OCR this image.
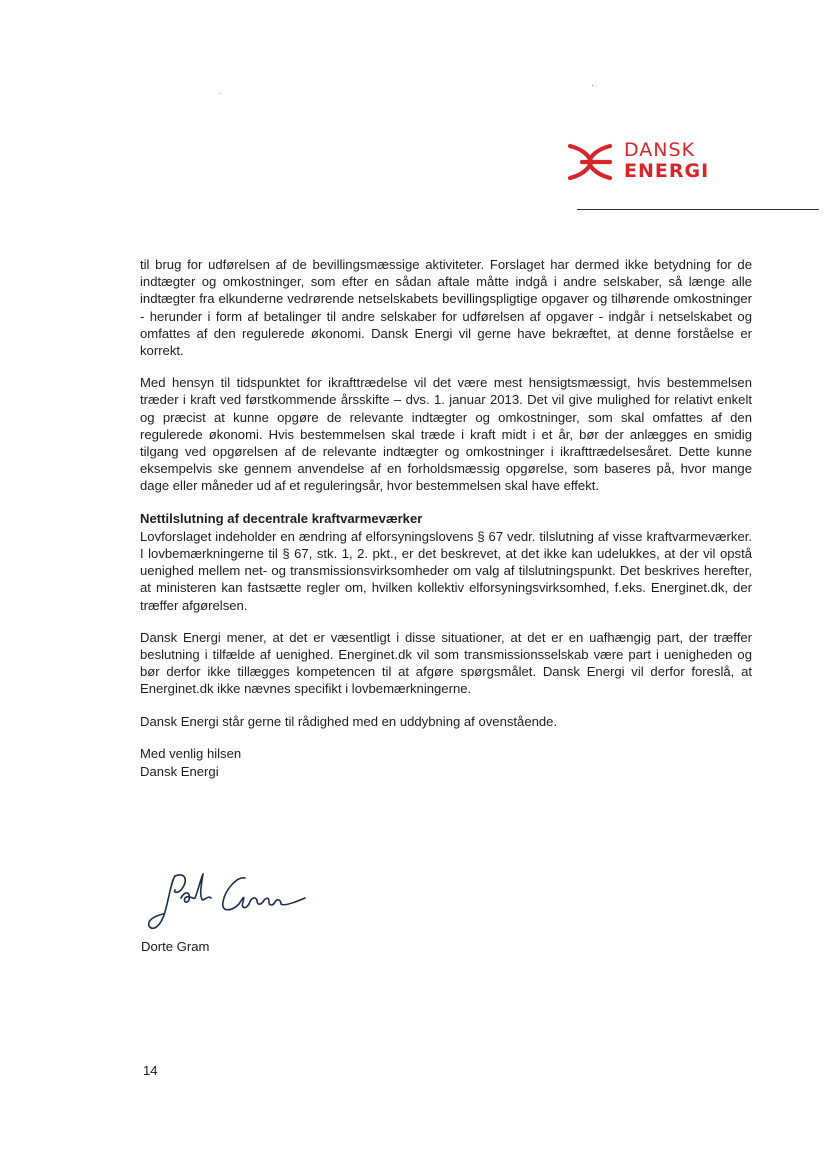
DANSK
ENERGI

til brug for udførelsen af de bevillingsmæssige aktiviteter. Forslaget har dermed ikke betydning for de indtægter og omkostninger, som efter en sådan aftale måtte indgå i andre selskaber, så længe alle indtægter fra elkunderne vedrørende netselskabets bevillingspligtige opgaver og tilhørende omkostninger - herunder i form af betalinger til andre selskaber for udførelsen af opgaver - indgår i netselskabet og omfattes af den regulerede økonomi. Dansk Energi vil gerne have bekræftet, at denne forståelse er korrekt.

Med hensyn til tidspunktet for ikrafttrædelse vil det være mest hensigtsmæssigt, hvis bestemmelsen træder i kraft ved førstkommende årsskifte – dvs. 1. januar 2013. Det vil give mulighed for relativt enkelt og præcist at kunne opgøre de relevante indtægter og omkostninger, som skal omfattes af den regulerede økonomi. Hvis bestemmelsen skal træde i kraft midt i et år, bør der anlægges en smidig tilgang ved opgørelsen af de relevante indtægter og omkostninger i ikrafttrædelsesåret. Dette kunne eksempelvis ske gennem anvendelse af en forholdsmæssig opgørelse, som baseres på, hvor mange dage eller måneder ud af et reguleringsår, hvor bestemmelsen skal have effekt.

Nettilslutning af decentrale kraftvarmeværker

Lovforslaget indeholder en ændring af elforsyningslovens § 67 vedr. tilslutning af visse kraftvarmeværker. I lovbemærkningerne til § 67, stk. 1, 2. pkt., er det beskrevet, at det ikke kan udelukkes, at der vil opstå uenighed mellem net- og transmissionsvirksomheder om valg af tilslutningspunkt. Det beskrives herefter, at ministeren kan fastsætte regler om, hvilken kollektiv elforsyningsvirksomhed, f.eks. Energinet.dk, der træffer afgørelsen.

Dansk Energi mener, at det er væsentligt i disse situationer, at det er en uafhængig part, der træffer beslutning i tilfælde af uenighed. Energinet.dk vil som transmissionsselskab være part i uenigheden og bør derfor ikke tillægges kompetencen til at afgøre spørgsmålet. Dansk Energi vil derfor foreslå, at Energinet.dk ikke nævnes specifikt i lovbemærkningerne.

Dansk Energi står gerne til rådighed med en uddybning af ovenstående.

Med venlig hilsen
Dansk Energi
Dorte Gram
14
